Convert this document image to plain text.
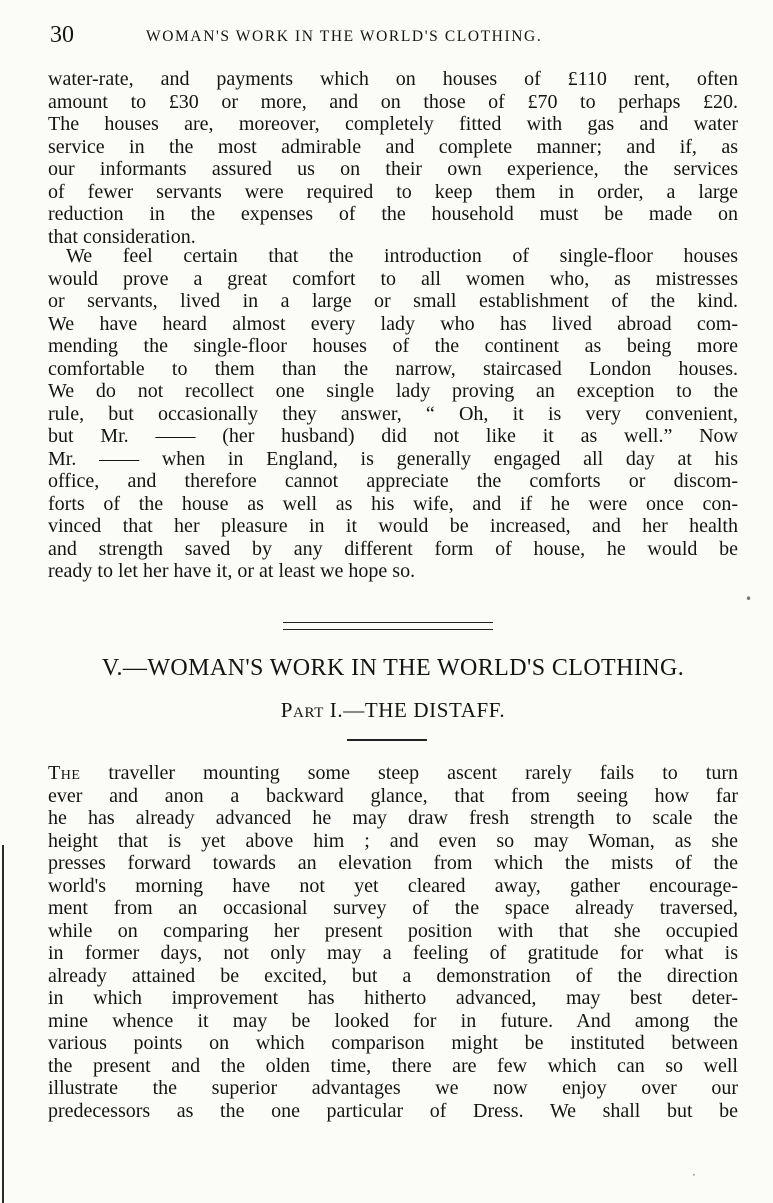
30	WOMAN'S WORK IN THE WORLD'S CLOTHING.
water-rate, and payments which on houses of £110 rent, often
amount to £30 or more, and on those of £70 to perhaps £20.
The houses are, moreover, completely fitted with gas and water
service in the most admirable and complete manner; and if, as
our informants assured us on their own experience, the services
of fewer servants were required to keep them in order, a large
reduction in the expenses of the household must be made on
that consideration.
We feel certain that the introduction of single-floor houses
would prove a great comfort to all women who, as mistresses
or servants, lived in a large or small establishment of the kind.
We have heard almost every lady who has lived abroad com-
mending the single-floor houses of the continent as being more
comfortable to them than the narrow, staircased London houses.
We do not recollect one single lady proving an exception to the
rule, but occasionally they answer, “ Oh, it is very convenient,
but Mr. —— (her husband) did not like it as well.” Now
Mr. —— when in England, is generally engaged all day at his
office, and therefore cannot appreciate the comforts or discom-
forts of the house as well as his wife, and if he were once con-
vinced that her pleasure in it would be increased, and her health
and strength saved by any different form of house, he would be
ready to let her have it, or at least we hope so.
V.—WOMAN'S WORK IN THE WORLD'S CLOTHING.
Part I.—THE DISTAFF.
The traveller mounting some steep ascent rarely fails to turn
ever and anon a backward glance, that from seeing how far
he has already advanced he may draw fresh strength to scale the
height that is yet above him ; and even so may Woman, as she
presses forward towards an elevation from which the mists of the
world's morning have not yet cleared away, gather encourage-
ment from an occasional survey of the space already traversed,
while on comparing her present position with that she occupied
in former days, not only may a feeling of gratitude for what is
already attained be excited, but a demonstration of the direction
in which improvement has hitherto advanced, may best deter-
mine whence it may be looked for in future. And among the
various points on which comparison might be instituted between
the present and the olden time, there are few which can so well
illustrate the superior advantages we now enjoy over our
predecessors as the one particular of Dress. We shall but be
•
·
